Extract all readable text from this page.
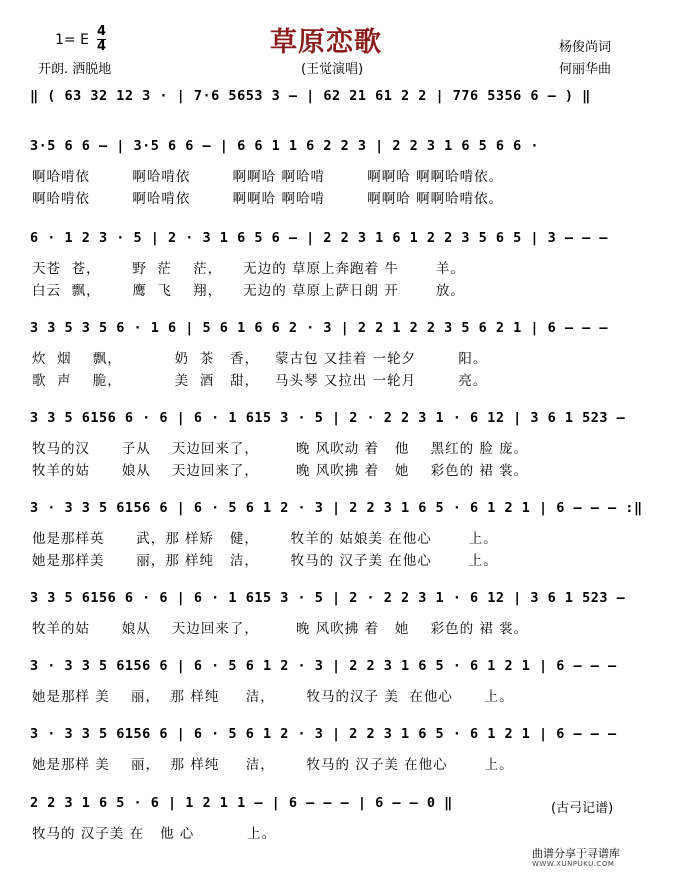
草原恋歌
(王觉演唱)
1= E
4
4
开朗. 洒脱地
杨俊尚词
何丽华曲
‖ ( 63 32 12 3 · | 7·6 5653 3 – | 62 21 61 2 2 | 776 5356 6 – ) ‖
3·5 6 6 – | 3·5 6 6 – | 6 6 1 1 6 2 2 3 | 2 2 3 1 6 5 6 6 ·
啊哈啃依        啊哈啃依        啊啊哈 啊哈啃        啊啊哈 啊啊哈啃依。
啊哈啃依        啊哈啃依        啊啊哈 啊哈啃        啊啊哈 啊啊哈啃依。
6 · 1 2 3 · 5 | 2 · 3 1 6 5 6 – | 2 2 3 1 6 1 2 2 3 5 6 5 | 3 – – –
天苍  苍，      野  茫    茫，    无边的 草原上奔跑着 牛       羊。
白云  飘，      鹰  飞    翔，    无边的 草原上萨日朗 开       放。
3 3 5 3 5 6 · 1 6 | 5 6 1 6 6 2 · 3 | 2 2 1 2 2 3 5 6 2 1 | 6 – – –
炊  烟    飘，          奶  茶   香，   蒙古包 又挂着 一轮夕        阳。
歌  声    脆，          美  酒   甜，   马头琴 又拉出 一轮月        亮。
3 3 5 6156 6 · 6 | 6 · 1 615 3 · 5 | 2 · 2 2 3 1 · 6 12 | 3 6 1 523 –
牧马的汉      子从    天边回来了，       晚 风吹动 着   他    黑红的 脸 庞。
牧羊的姑      娘从    天边回来了，       晚 风吹拂 着   她    彩色的 裙 裳。
3 · 3 3 5 6156 6 | 6 · 5 6 1 2 · 3 | 2 2 3 1 6 5 · 6 1 2 1 | 6 – – – :‖
他是那样英      武，那 样矫   健，      牧羊的 姑娘美 在他心       上。
她是那样美      丽，那 样纯   洁，      牧马的 汉子美 在他心       上。
3 3 5 6156 6 · 6 | 6 · 1 615 3 · 5 | 2 · 2 2 3 1 · 6 12 | 3 6 1 523 –
牧羊的姑      娘从    天边回来了，       晚 风吹拂 着   她    彩色的 裙 裳。
3 · 3 3 5 6156 6 | 6 · 5 6 1 2 · 3 | 2 2 3 1 6 5 · 6 1 2 1 | 6 – – –
她是那样 美    丽，  那 样纯     洁，      牧马的汉子 美  在他心      上。
3 · 3 3 5 6156 6 | 6 · 5 6 1 2 · 3 | 2 2 3 1 6 5 · 6 1 2 1 | 6 – – –
她是那样 美    丽，  那 样纯     洁，      牧马的 汉子美 在他心       上。
2 2 3 1 6 5 · 6 | 1 2 1 1 – | 6 – – – | 6 – – 0 ‖
牧马的 汉子美 在   他 心          上。
(古弓记谱)
曲谱分享于寻谱库
WWW.XUNPUKU.COM
